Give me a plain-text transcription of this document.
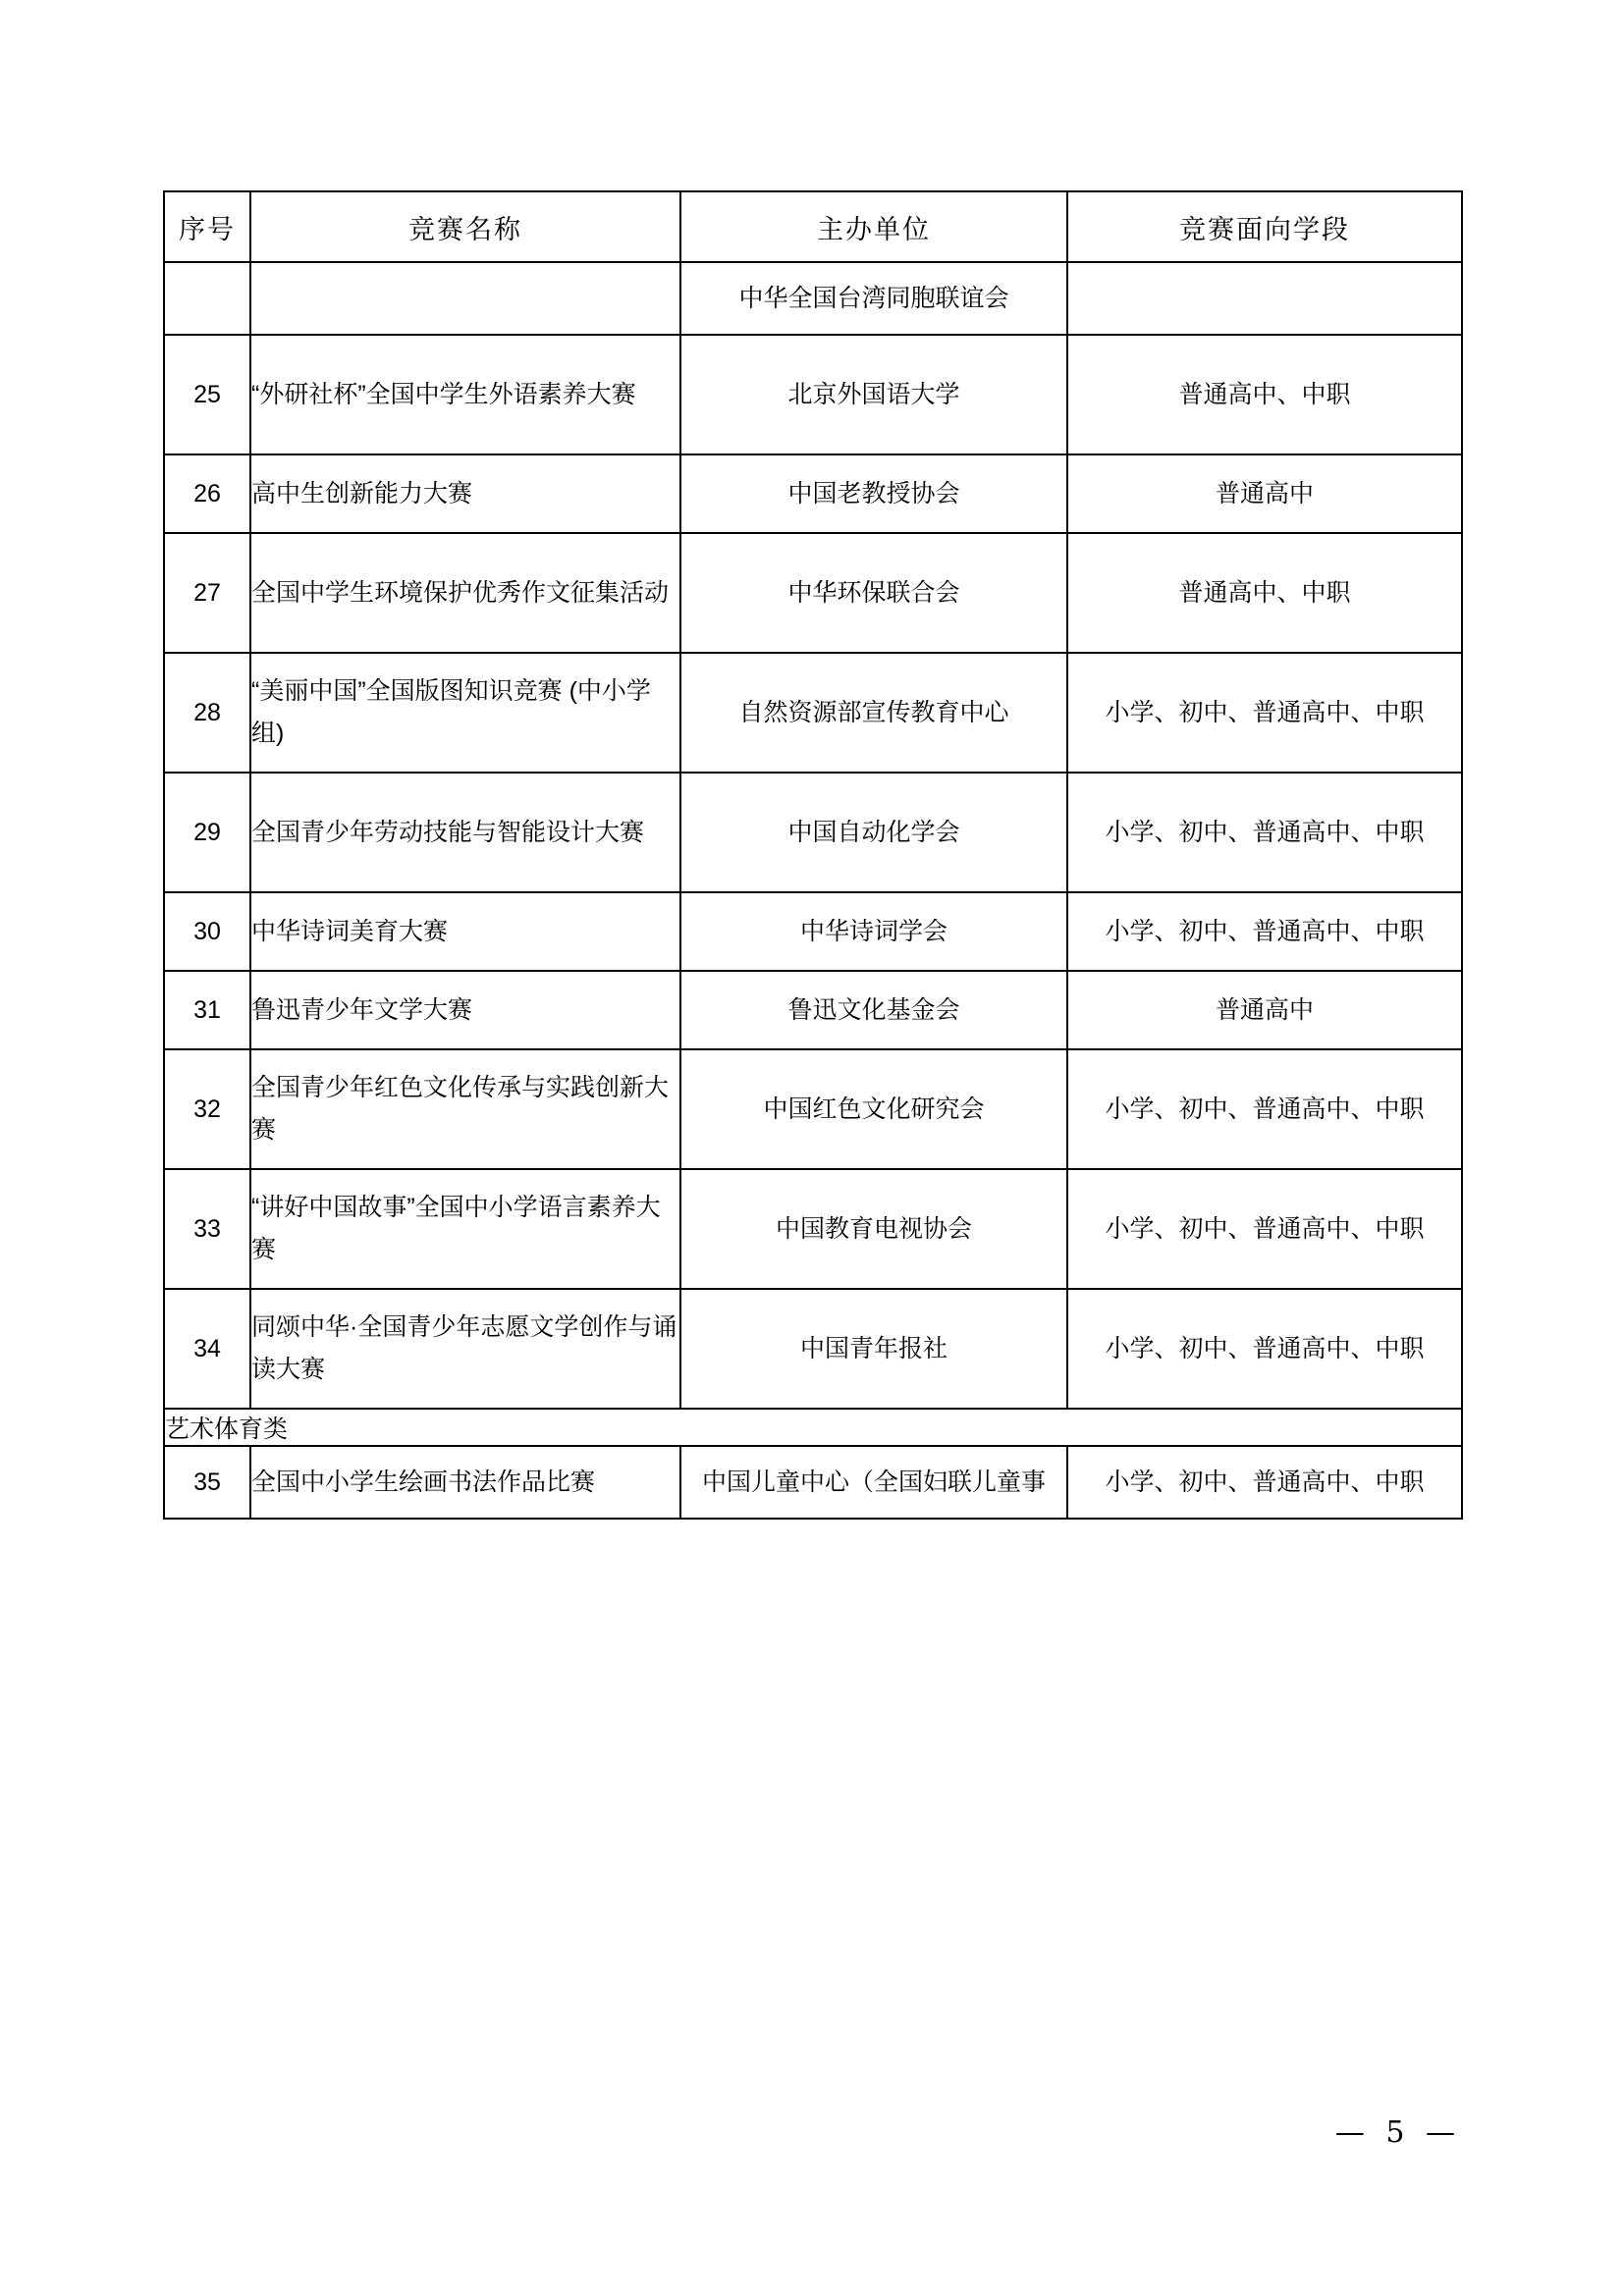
序号	竞赛名称	主办单位	竞赛面向学段
		中华全国台湾同胞联谊会	
25	“外研社杯”全国中学生外语素养大赛	北京外国语大学	普通高中、中职
26	高中生创新能力大赛	中国老教授协会	普通高中
27	全国中学生环境保护优秀作文征集活动	中华环保联合会	普通高中、中职
28	“美丽中国”全国版图知识竞赛 (中小学组)	自然资源部宣传教育中心	小学、初中、普通高中、中职
29	全国青少年劳动技能与智能设计大赛	中国自动化学会	小学、初中、普通高中、中职
30	中华诗词美育大赛	中华诗词学会	小学、初中、普通高中、中职
31	鲁迅青少年文学大赛	鲁迅文化基金会	普通高中
32	全国青少年红色文化传承与实践创新大赛	中国红色文化研究会	小学、初中、普通高中、中职
33	“讲好中国故事”全国中小学语言素养大赛	中国教育电视协会	小学、初中、普通高中、中职
34	同颂中华·全国青少年志愿文学创作与诵读大赛	中国青年报社	小学、初中、普通高中、中职
艺术体育类			
35	全国中小学生绘画书法作品比赛	中国儿童中心（全国妇联儿童事	小学、初中、普通高中、中职
— 5 —
